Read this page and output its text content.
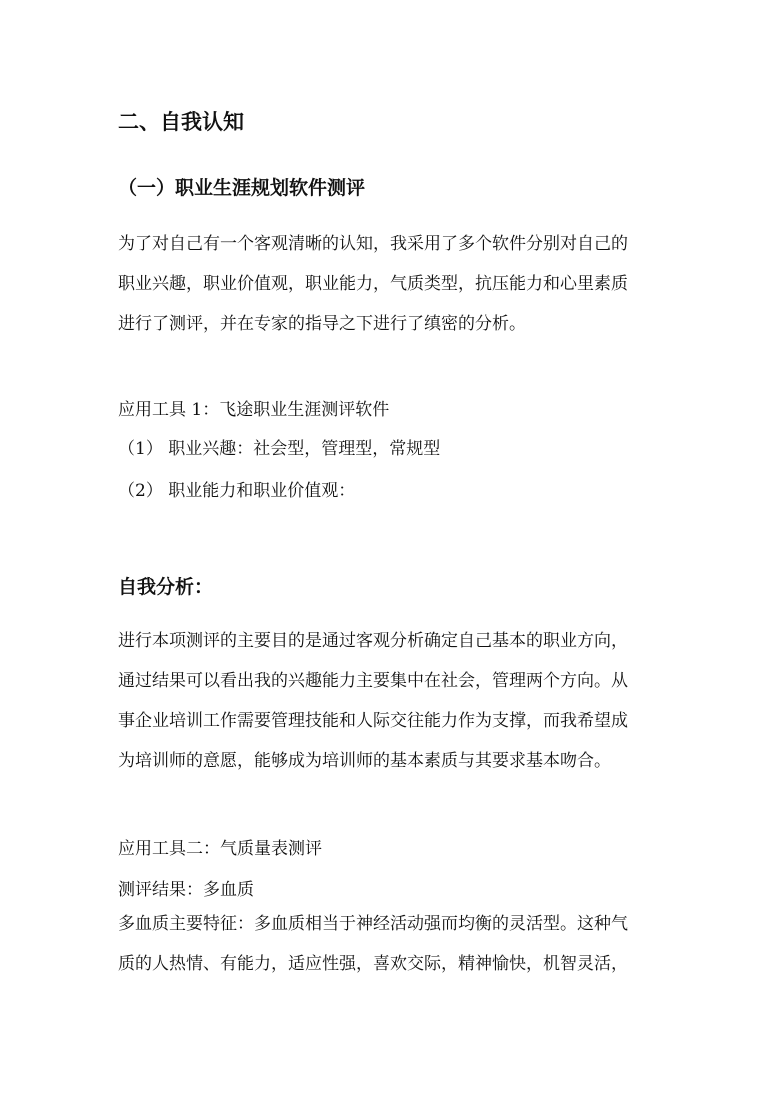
二、自我认知
（一）职业生涯规划软件测评
为了对自己有一个客观清晰的认知，我采用了多个软件分别对自己的
职业兴趣，职业价值观，职业能力，气质类型，抗压能力和心里素质
进行了测评，并在专家的指导之下进行了缜密的分析。
应用工具 1：飞途职业生涯测评软件
（1） 职业兴趣：社会型，管理型，常规型
（2） 职业能力和职业价值观：
自我分析：
进行本项测评的主要目的是通过客观分析确定自己基本的职业方向，
通过结果可以看出我的兴趣能力主要集中在社会，管理两个方向。从
事企业培训工作需要管理技能和人际交往能力作为支撑，而我希望成
为培训师的意愿，能够成为培训师的基本素质与其要求基本吻合。
应用工具二：气质量表测评
测评结果：多血质
多血质主要特征：多血质相当于神经活动强而均衡的灵活型。这种气
质的人热情、有能力，适应性强，喜欢交际，精神愉快，机智灵活，
